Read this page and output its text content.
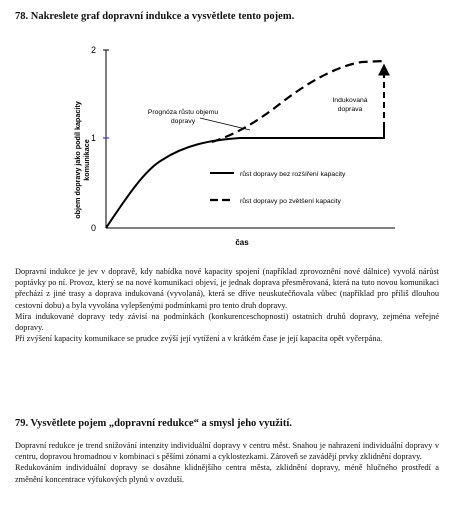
78. Nakreslete graf dopravní indukce a vysvětlete tento pojem.
objem dopravy jako podíl kapacity komunikace
2
1
0
čas
Prognóza růstu objemu
dopravy
Indukovaná
doprava
růst dopravy bez rozšíření kapacity
růst dopravy po zvětšení kapacity

Dopravní indukce je jev v dopravě, kdy nabídka nové kapacity spojení (například zprovoznění nové dálnice) vyvolá nárůst poptávky po ní. Provoz, který se na nové komunikaci objeví, je jednak doprava přesměrovaná, která na tuto novou komunikaci přechází z jiné trasy a doprava indukovaná (vyvolaná), která se dříve neuskutečňovala vůbec (například pro příliš dlouhou cestovní dobu) a byla vyvolána vylepšenými podmínkami pro tento druh dopravy.

Míra indukované dopravy tedy závisí na podmínkách (konkurenceschopnosti) ostatních druhů dopravy, zejména veřejné dopravy.

Při zvýšení kapacity komunikace se prudce zvýší její vytížení a v krátkém čase je její kapacita opět vyčerpána.

79. Vysvětlete pojem „dopravní redukce“ a smysl jeho využití.

Dopravní redukce je trend snižování intenzity individuální dopravy v centru měst. Snahou je nahrazení individuální dopravy v centru, dopravou hromadnou v kombinaci s pěšími zónami a cyklostezkami. Zároveň se zavádějí prvky zklidnění dopravy.

Redukováním individuální dopravy se dosáhne klidnějšího centra města, zklidnění dopravy, méně hlučného prostředí a změnění koncentrace výfukových plynů v ovzduší.
